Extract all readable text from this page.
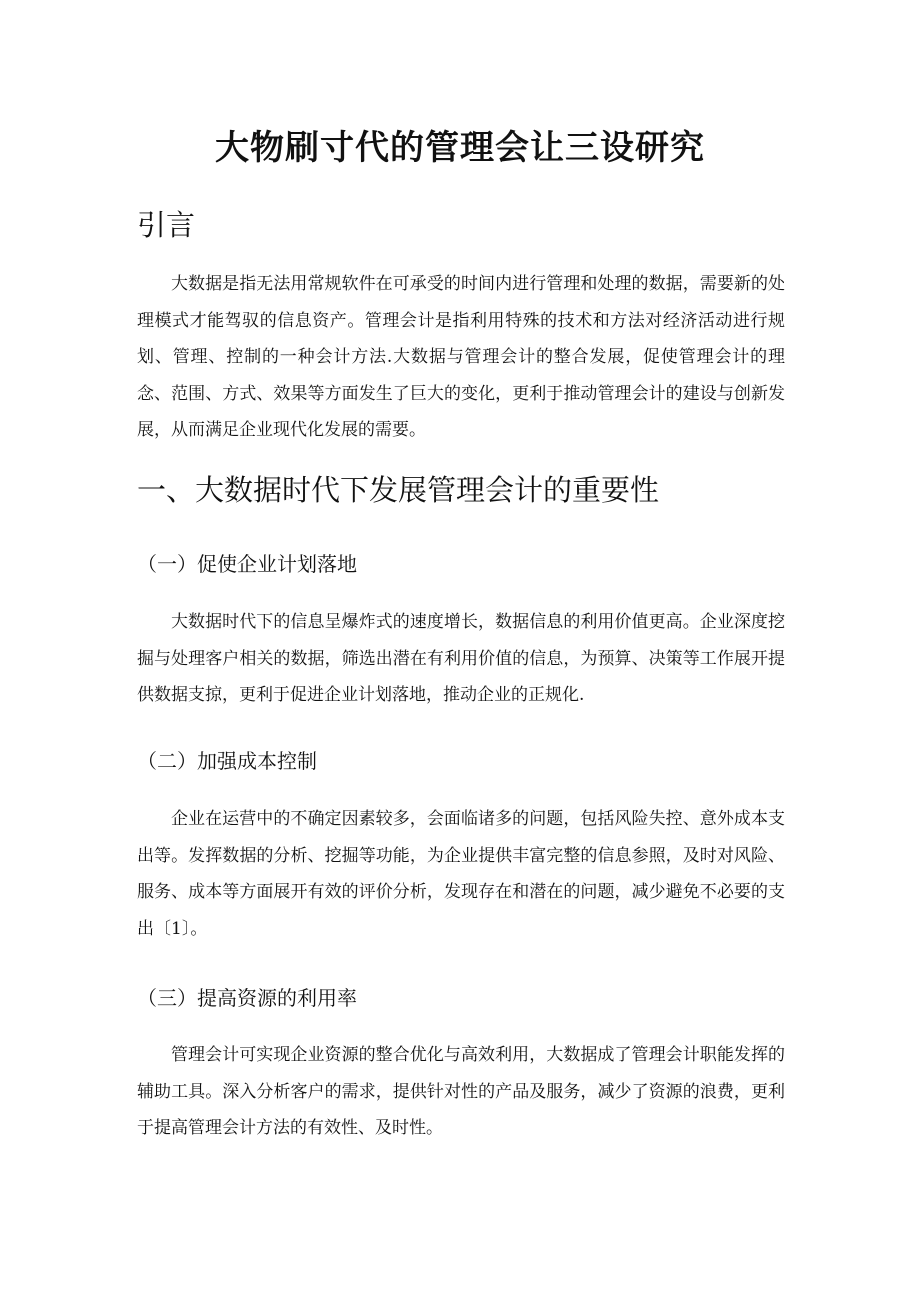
大物刷寸代的管理会让三设研究
引言

大数据是指无法用常规软件在可承受的时间内进行管理和处理的数据，需要新的处理模式才能驾驭的信息资产。管理会计是指利用特殊的技术和方法对经济活动进行规划、管理、控制的一种会计方法.大数据与管理会计的整合发展，促使管理会计的理念、范围、方式、效果等方面发生了巨大的变化，更利于推动管理会计的建设与创新发展，从而满足企业现代化发展的需要。

一、大数据时代下发展管理会计的重要性
（一）促使企业计划落地

大数据时代下的信息呈爆炸式的速度增长，数据信息的利用价值更高。企业深度挖掘与处理客户相关的数据，筛选出潜在有利用价值的信息，为预算、决策等工作展开提供数据支掠，更利于促进企业计划落地，推动企业的正规化.

（二）加强成本控制

企业在运营中的不确定因素较多，会面临诸多的问题，包括风险失控、意外成本支出等。发挥数据的分析、挖掘等功能，为企业提供丰富完整的信息参照，及时对风险、服务、成本等方面展开有效的评价分析，发现存在和潜在的问题，减少避免不必要的支出〔1〕。

（三）提高资源的利用率

管理会计可实现企业资源的整合优化与高效利用，大数据成了管理会计职能发挥的辅助工具。深入分析客户的需求，提供针对性的产品及服务，减少了资源的浪费，更利于提高管理会计方法的有效性、及时性。
